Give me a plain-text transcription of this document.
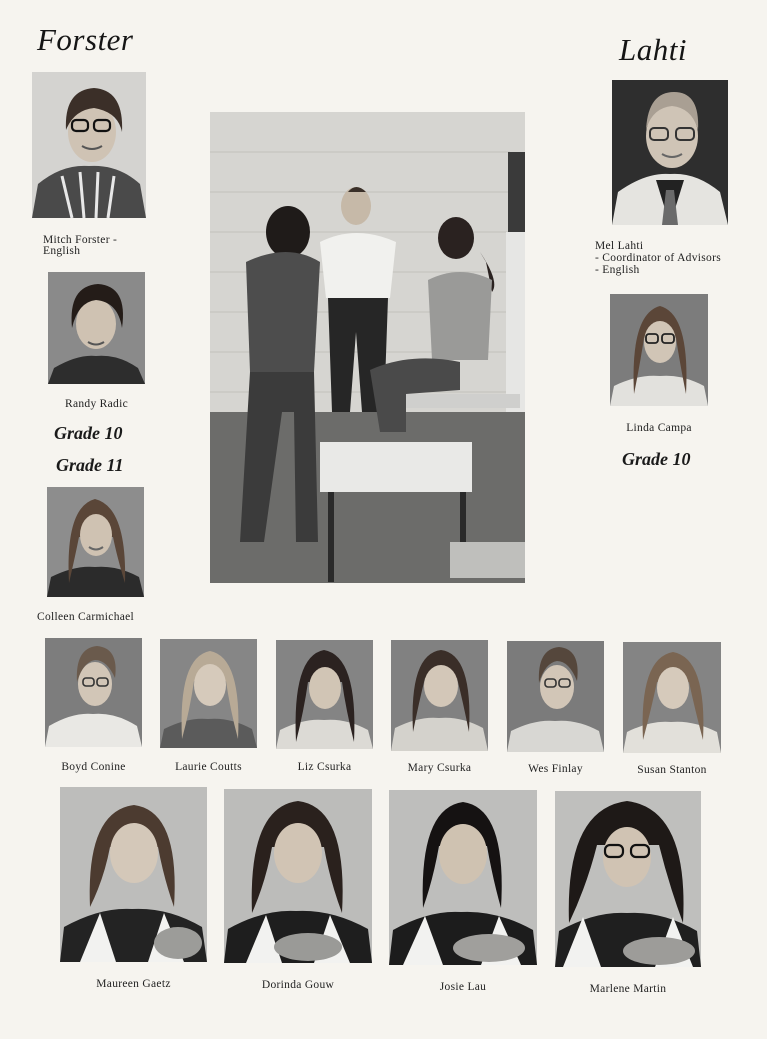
Forster	Lahti
Mitch Forster -
English
Randy Radic
Grade 10
Grade 11
Colleen Carmichael
Mel Lahti
- Coordinator of Advisors
- English
Linda Campa
Grade 10
Boyd Conine	Laurie Coutts	Liz Csurka	Mary Csurka	Wes Finlay	Susan Stanton
Maureen Gaetz	Dorinda Gouw	Josie Lau	Marlene Martin
